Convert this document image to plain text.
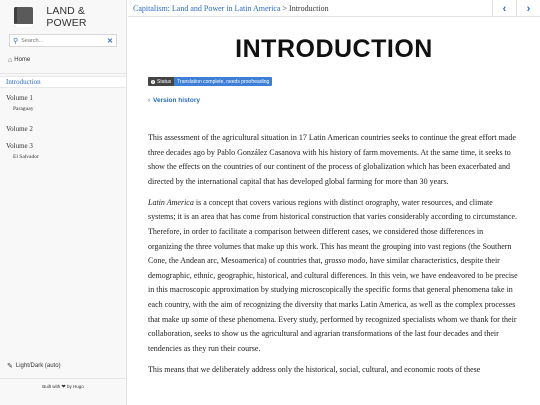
LAND & POWER
⚲
Search...	✕
⌂ Home
Introduction
Volume 1
Paraguay
Volume 2
Volume 3
El Salvador
✎ Light/Dark (auto)
Built with ❤ by Hugo
Capitalism: Land and Power in Latin America > Introduction	‹ ›
INTRODUCTION
i Status	Translation complete, needs proofreading
› Version history

This assessment of the agricultural situation in 17 Latin American countries seeks to continue the great effort made three decades ago by Pablo González Casanova with his history of farm movements. At the same time, it seeks to show the effects on the countries of our continent of the process of globalization which has been exacerbated and directed by the international capital that has developed global farming for more than 30 years.

Latin America is a concept that covers various regions with distinct orography, water resources, and climate systems; it is an area that has come from historical construction that varies considerably according to circumstance. Therefore, in order to facilitate a comparison between different cases, we considered those differences in organizing the three volumes that make up this work. This has meant the grouping into vast regions (the Southern Cone, the Andean arc, Mesoamerica) of countries that, grosso modo, have similar characteristics, despite their demographic, ethnic, geographic, historical, and cultural differences. In this vein, we have endeavored to be precise in this macroscopic approximation by studying microscopically the specific forms that general phenomena take in each country, with the aim of recognizing the diversity that marks Latin America, as well as the complex processes that make up some of these phenomena. Every study, performed by recognized specialists whom we thank for their collaboration, seeks to show us the agricultural and agrarian transformations of the last four decades and their tendencies as they run their course.

This means that we deliberately address only the historical, social, cultural, and economic roots of these
